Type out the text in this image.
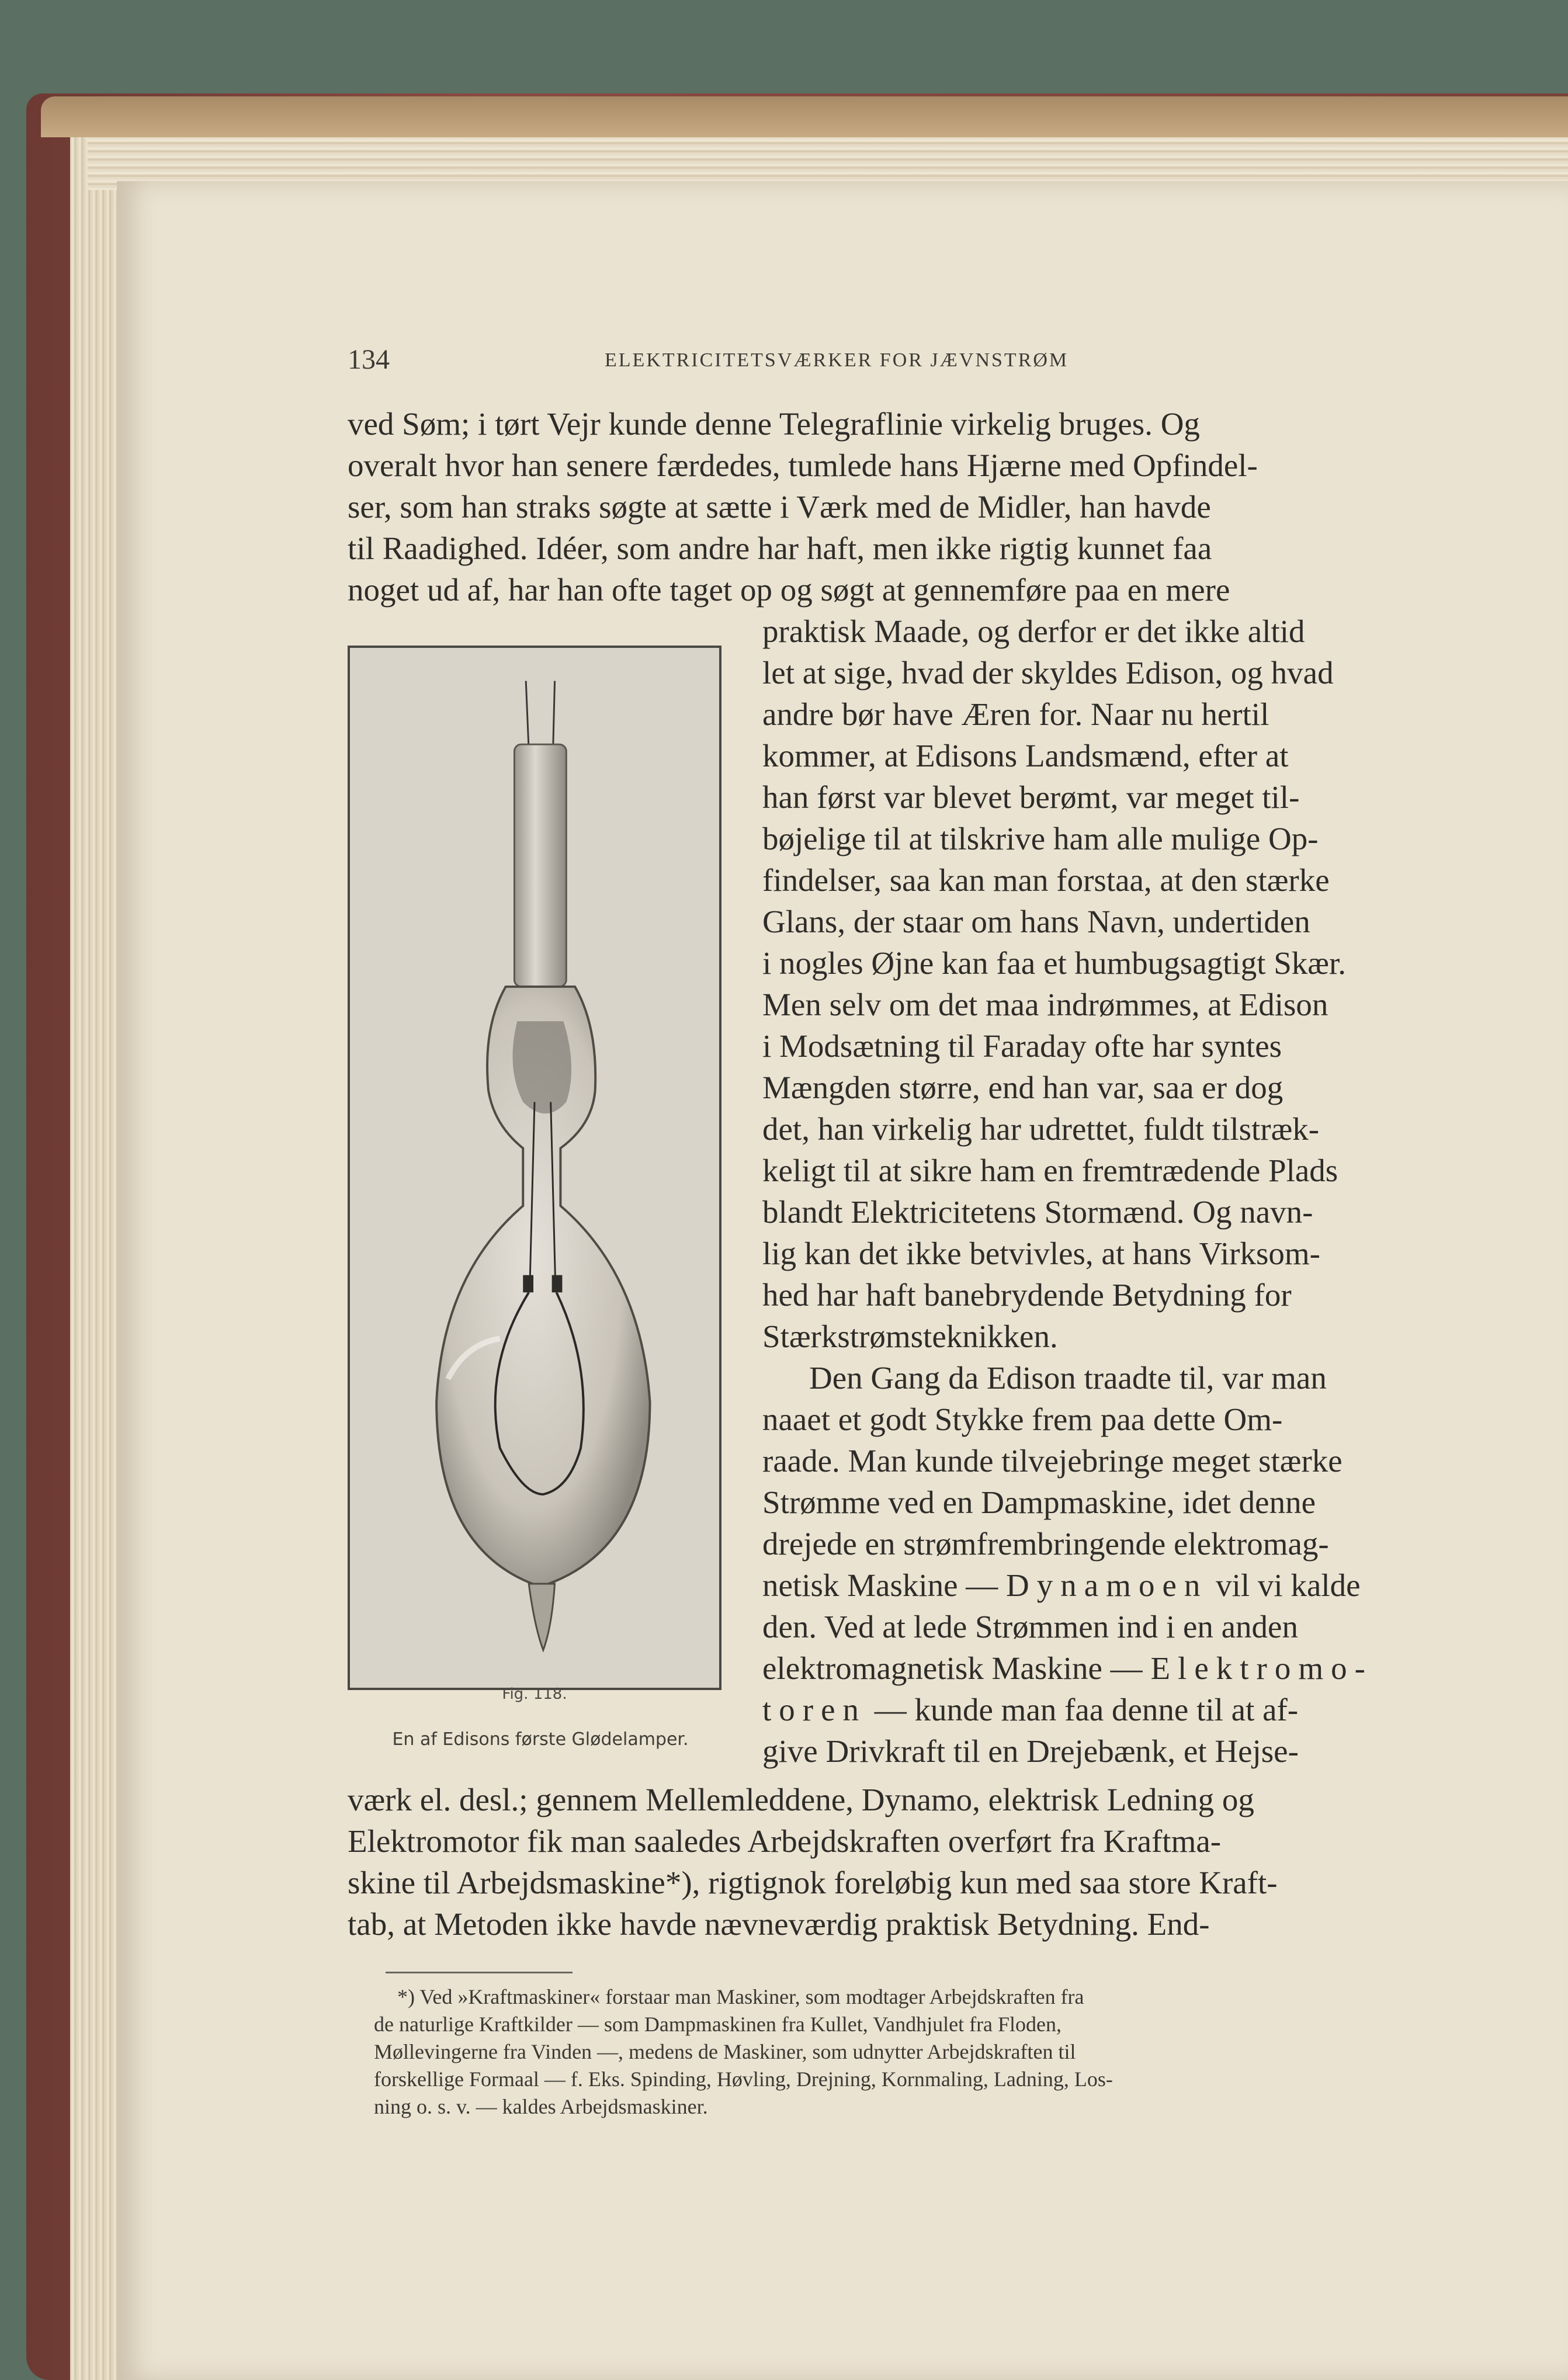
134	ELEKTRICITETSVÆRKER FOR JÆVNSTRØM
ved Søm; i tørt Vejr kunde denne Telegraflinie virkelig bruges. Og
overalt hvor han senere færdedes, tumlede hans Hjærne med Opfindel-
ser, som han straks søgte at sætte i Værk med de Midler, han havde
til Raadighed. Idéer, som andre har haft, men ikke rigtig kunnet faa
noget ud af, har han ofte taget op og søgt at gennemføre paa en mere
Fig. 118.
En af Edisons første Glødelamper.
praktisk Maade, og derfor er det ikke altid
let at sige, hvad der skyldes Edison, og hvad
andre bør have Æren for. Naar nu hertil
kommer, at Edisons Landsmænd, efter at
han først var blevet berømt, var meget til-
bøjelige til at tilskrive ham alle mulige Op-
findelser, saa kan man forstaa, at den stærke
Glans, der staar om hans Navn, undertiden
i nogles Øjne kan faa et humbugsagtigt Skær.
Men selv om det maa indrømmes, at Edison
i Modsætning til Faraday ofte har syntes
Mængden større, end han var, saa er dog
det, han virkelig har udrettet, fuldt tilstræk-
keligt til at sikre ham en fremtrædende Plads
blandt Elektricitetens Stormænd. Og navn-
lig kan det ikke betvivles, at hans Virksom-
hed har haft banebrydende Betydning for
Stærkstrømsteknikken.
Den Gang da Edison traadte til, var man
naaet et godt Stykke frem paa dette Om-
raade. Man kunde tilvejebringe meget stærke
Strømme ved en Dampmaskine, idet denne
drejede en strømfrembringende elektromag-
netisk Maskine — Dynamoen vil vi kalde
den. Ved at lede Strømmen ind i en anden
elektromagnetisk Maskine — Elektromo-
toren — kunde man faa denne til at af-
give Drivkraft til en Drejebænk, et Hejse-
værk el. desl.; gennem Mellemleddene, Dynamo, elektrisk Ledning og
Elektromotor fik man saaledes Arbejdskraften overført fra Kraftma-
skine til Arbejdsmaskine*), rigtignok foreløbig kun med saa store Kraft-
tab, at Metoden ikke havde nævneværdig praktisk Betydning. End-
*) Ved »Kraftmaskiner« forstaar man Maskiner, som modtager Arbejdskraften fra
de naturlige Kraftkilder — som Dampmaskinen fra Kullet, Vandhjulet fra Floden,
Møllevingerne fra Vinden —, medens de Maskiner, som udnytter Arbejdskraften til
forskellige Formaal — f. Eks. Spinding, Høvling, Drejning, Kornmaling, Ladning, Los-
ning o. s. v. — kaldes Arbejdsmaskiner.
